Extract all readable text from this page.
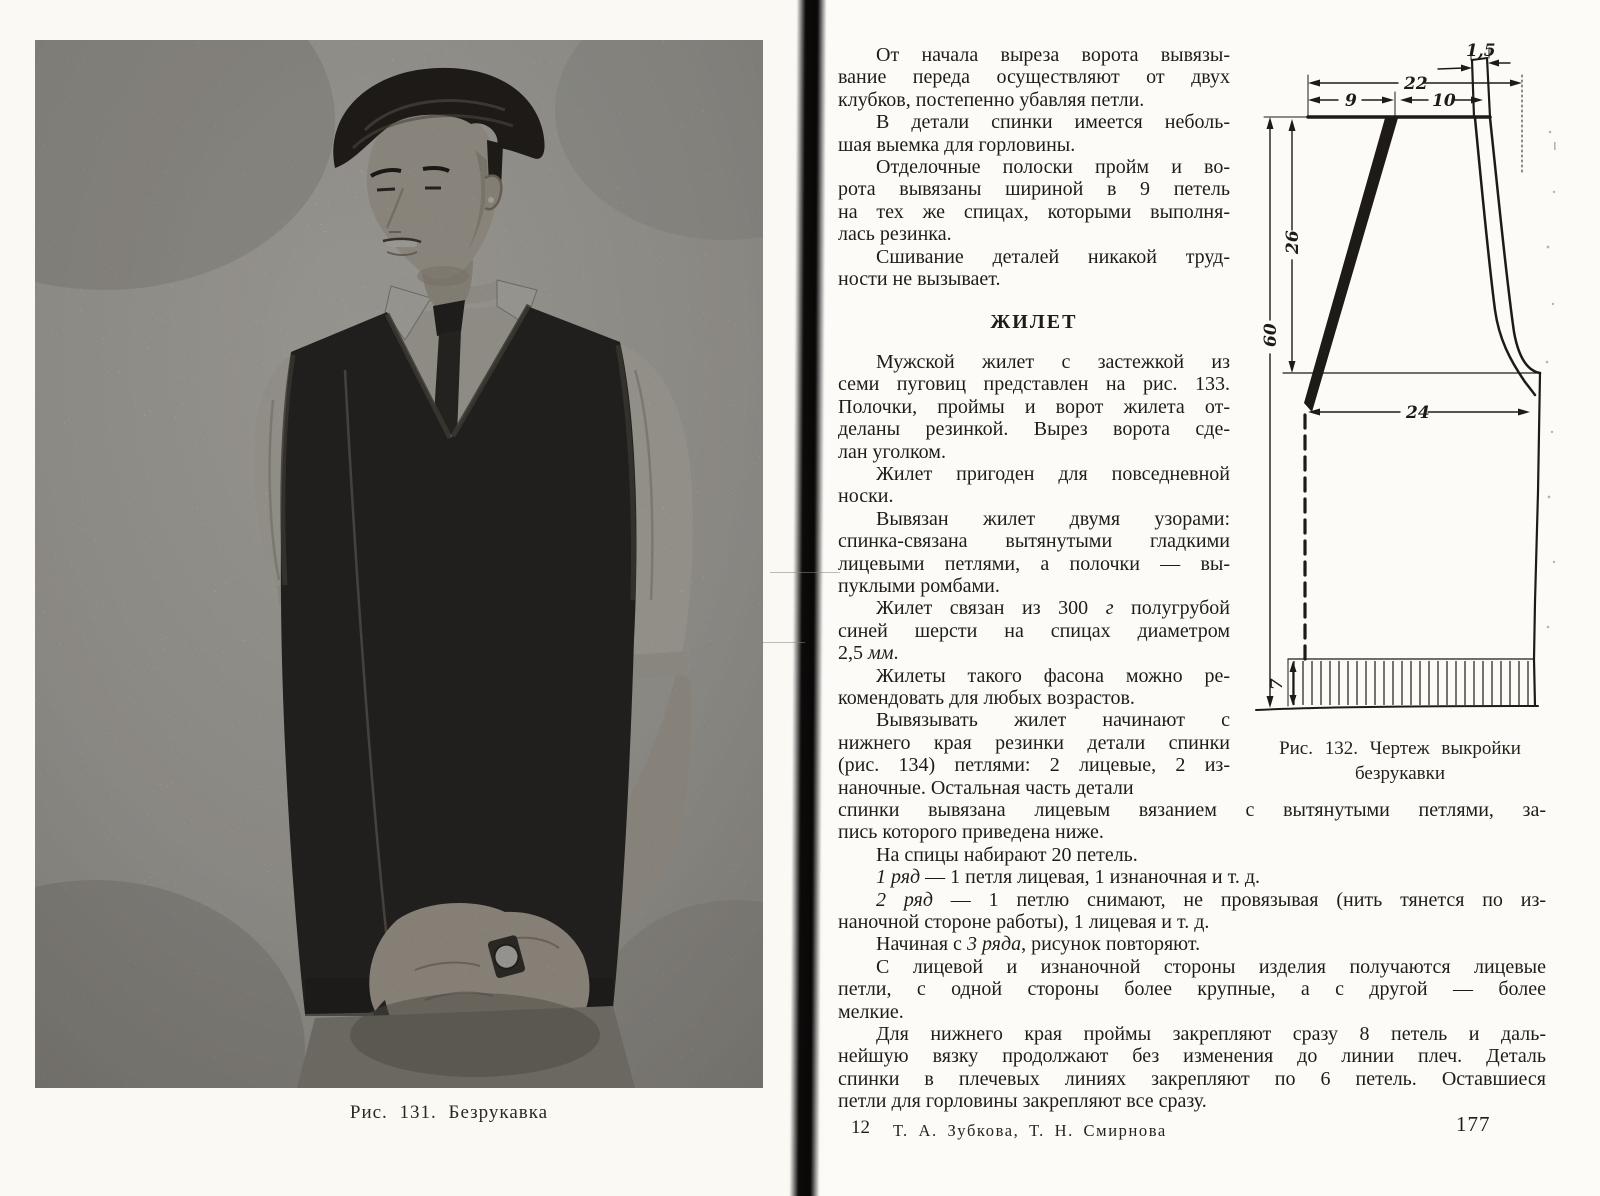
Рис. 131. Безрукавка
От начала выреза ворота вывязы-
вание переда осуществляют от двух
клубков, постепенно убавляя петли.
В детали спинки имеется неболь-
шая выемка для горловины.
Отделочные полоски пройм и во-
рота вывязаны шириной в 9 петель
на тех же спицах, которыми выполня-
лась резинка.
Сшивание деталей никакой труд-
ности не вызывает.
ЖИЛЕТ
Мужской жилет с застежкой из
семи пуговиц представлен на рис. 133.
Полочки, проймы и ворот жилета от-
деланы резинкой. Вырез ворота сде-
лан уголком.
Жилет пригоден для повседневной
носки.
Вывязан жилет двумя узорами:
спинка-связана вытянутыми гладкими
лицевыми петлями, а полочки — вы-
пуклыми ромбами.
Жилет связан из 300 г полугрубой
синей шерсти на спицах диаметром
2,5 мм.
Жилеты такого фасона можно ре-
комендовать для любых возрастов.
Вывязывать жилет начинают с
нижнего края резинки детали спинки
(рис. 134) петлями: 2 лицевые, 2 из-
наночные. Остальная часть детали
спинки вывязана лицевым вязанием с вытянутыми петлями, за-
пись которого приведена ниже.
На спицы набирают 20 петель.
1 ряд — 1 петля лицевая, 1 изнаночная и т. д.
2 ряд — 1 петлю снимают, не провязывая (нить тянется по из-
наночной стороне работы), 1 лицевая и т. д.
Начиная с 3 ряда, рисунок повторяют.
С лицевой и изнаночной стороны изделия получаются лицевые
петли, с одной стороны более крупные, а с другой — более
мелкие.
Для нижнего края проймы закрепляют сразу 8 петель и даль-
нейшую вязку продолжают без изменения до линии плеч. Деталь
спинки в плечевых линиях закрепляют по 6 петель. Оставшиеся
петли для горловины закрепляют все сразу.
22
9	10
1,5
60
26
24
7
Рис. 132. Чертеж выкройки
безрукавки
12 Т. А. Зубкова, Т. Н. Смирнова	177
